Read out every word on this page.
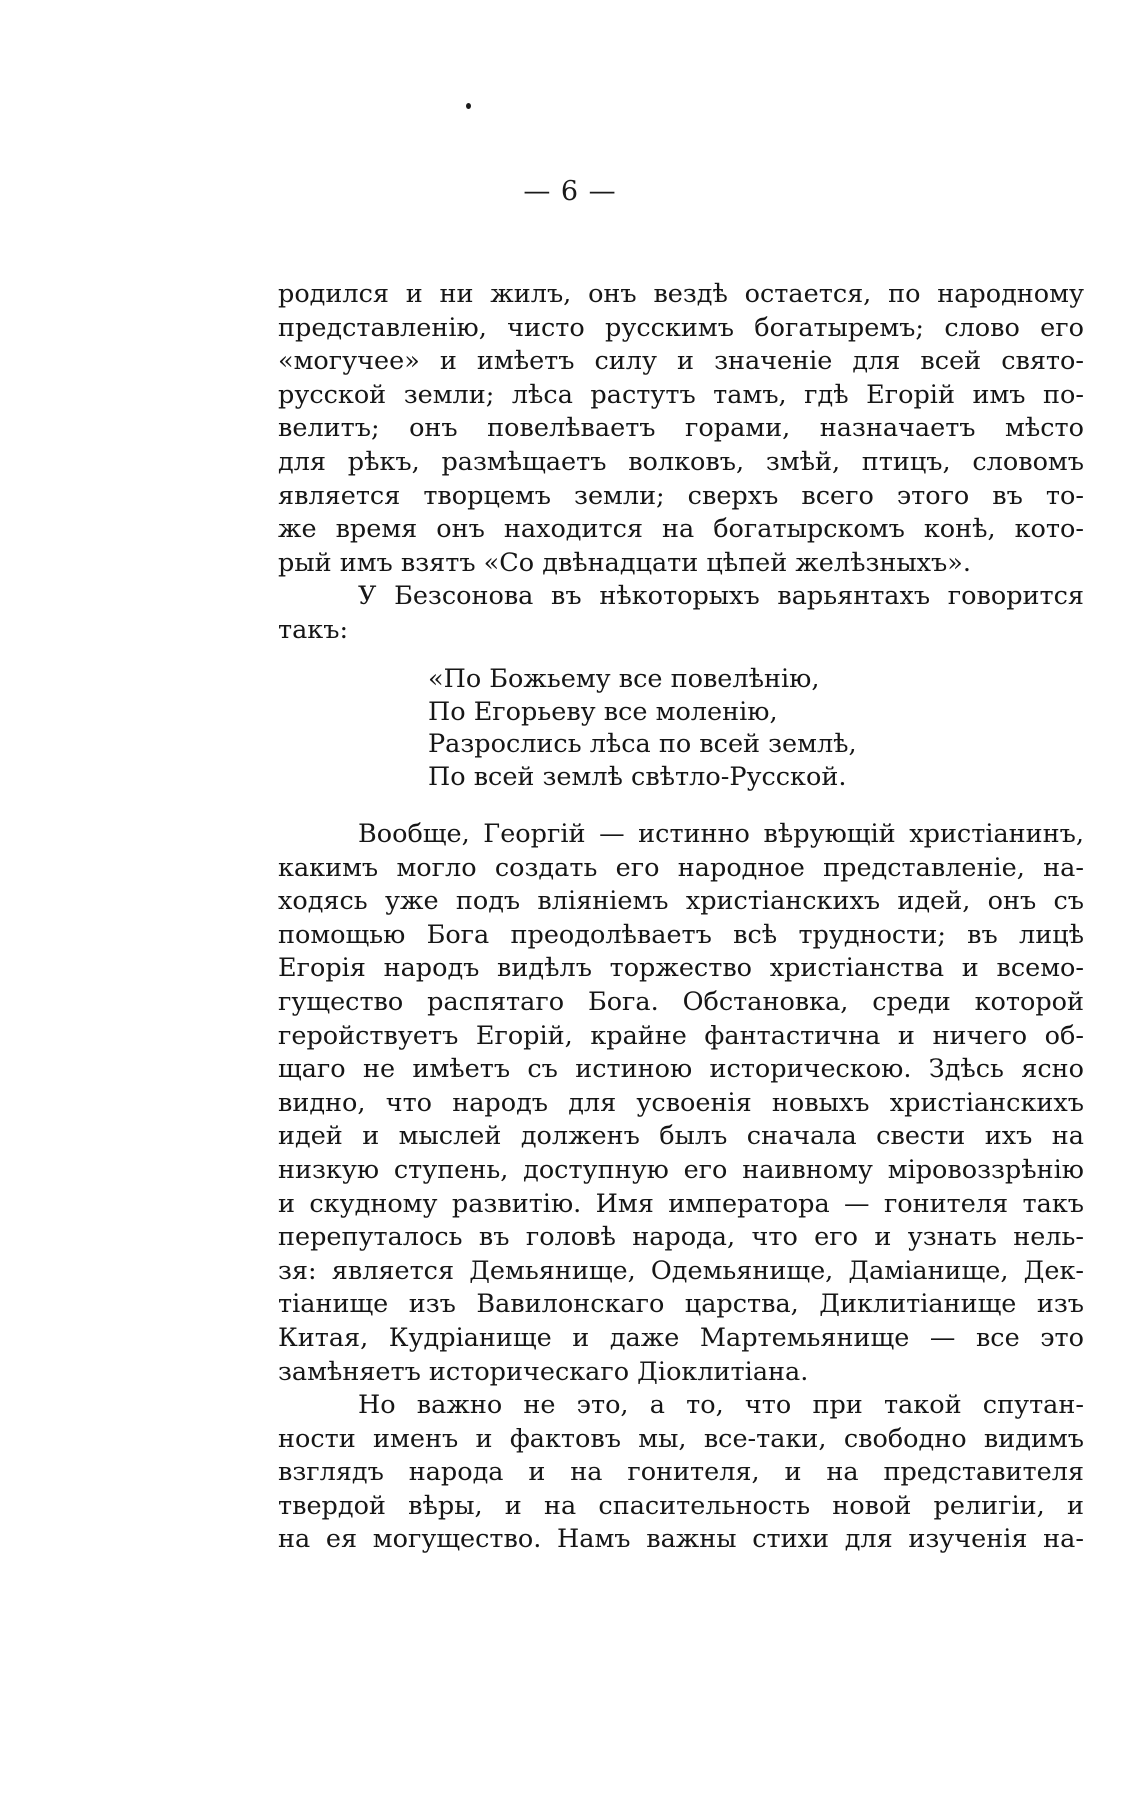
— 6 —
родился и ни жилъ, онъ вездѣ остается, по народному
представленію, чисто русскимъ богатыремъ; слово его
«могучее» и имѣетъ силу и значеніе для всей свято-
русской земли; лѣса растутъ тамъ, гдѣ Егорій имъ по-
велитъ; онъ повелѣваетъ горами, назначаетъ мѣсто
для рѣкъ, размѣщаетъ волковъ, змѣй, птицъ, словомъ
является творцемъ земли; сверхъ всего этого въ то-
же время онъ находится на богатырскомъ конѣ, кото-
рый имъ взятъ «Со двѣнадцати цѣпей желѣзныхъ».
У Безсонова въ нѣкоторыхъ варьянтахъ говорится
такъ:
«По Божьему все повелѣнію,
По Егорьеву все моленію,
Разрослись лѣса по всей землѣ,
По всей землѣ свѣтло-Русской.
Вообще, Георгій — истинно вѣрующій христіанинъ,
какимъ могло создать его народное представленіе, на-
ходясь уже подъ вліяніемъ христіанскихъ идей, онъ съ
помощью Бога преодолѣваетъ всѣ трудности; въ лицѣ
Егорія народъ видѣлъ торжество христіанства и всемо-
гущество распятаго Бога. Обстановка, среди которой
геройствуетъ Егорій, крайне фантастична и ничего об-
щаго не имѣетъ съ истиною историческою. Здѣсь ясно
видно, что народъ для усвоенія новыхъ христіанскихъ
идей и мыслей долженъ былъ сначала свести ихъ на
низкую ступень, доступную его наивному міровоззрѣнію
и скудному развитію. Имя императора — гонителя такъ
перепуталось въ головѣ народа, что его и узнать нель-
зя: является Демьянище, Одемьянище, Даміанище, Дек-
тіанище изъ Вавилонскаго царства, Диклитіанище изъ
Китая, Кудріанище и даже Мартемьянище — все это
замѣняетъ историческаго Діоклитіана.
Но важно не это, а то, что при такой спутан-
ности именъ и фактовъ мы, все-таки, свободно видимъ
взглядъ народа и на гонителя, и на представителя
твердой вѣры, и на спасительность новой религіи, и
на ея могущество. Намъ важны стихи для изученія на-
